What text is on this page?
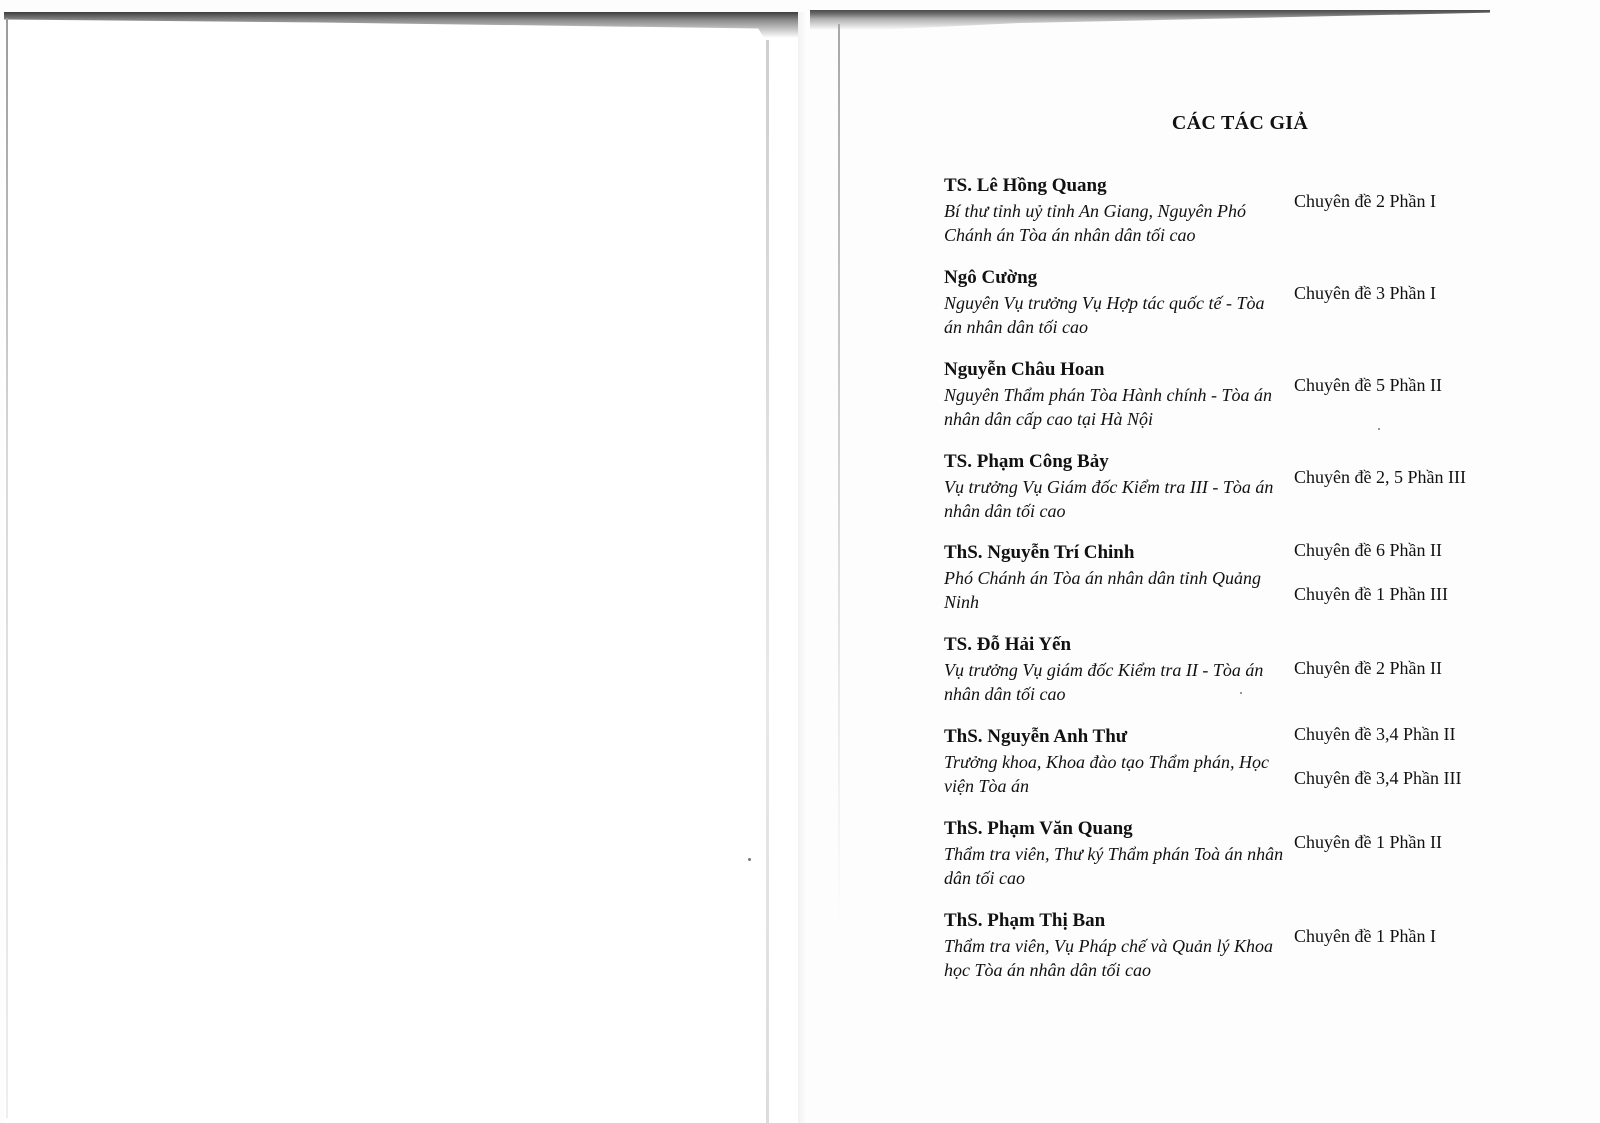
CÁC TÁC GIẢ
TS. Lê Hồng Quang
Bí thư tỉnh uỷ tỉnh An Giang, Nguyên Phó Chánh án Tòa án nhân dân tối cao
Chuyên đề 2 Phần I
Ngô Cường
Nguyên Vụ trưởng Vụ Hợp tác quốc tế - Tòa án nhân dân tối cao
Chuyên đề 3 Phần I
Nguyễn Châu Hoan
Nguyên Thẩm phán Tòa Hành chính - Tòa án nhân dân cấp cao tại Hà Nội
Chuyên đề 5 Phần II
TS. Phạm Công Bảy
Vụ trưởng Vụ Giám đốc Kiểm tra III - Tòa án nhân dân tối cao
Chuyên đề 2, 5 Phần III
ThS. Nguyễn Trí Chinh
Phó Chánh án Tòa án nhân dân tỉnh Quảng Ninh
Chuyên đề 6 Phần II
Chuyên đề 1 Phần III
TS. Đỗ Hải Yến
Vụ trưởng Vụ giám đốc Kiểm tra II - Tòa án nhân dân tối cao
Chuyên đề 2 Phần II
ThS. Nguyễn Anh Thư
Trưởng khoa, Khoa đào tạo Thẩm phán, Học viện Tòa án
Chuyên đề 3,4 Phần II
Chuyên đề 3,4 Phần III
ThS. Phạm Văn Quang
Thẩm tra viên, Thư ký Thẩm phán Toà án nhân dân tối cao
Chuyên đề 1 Phần II
ThS. Phạm Thị Ban
Thẩm tra viên, Vụ Pháp chế và Quản lý Khoa học Tòa án nhân dân tối cao
Chuyên đề 1 Phần I
